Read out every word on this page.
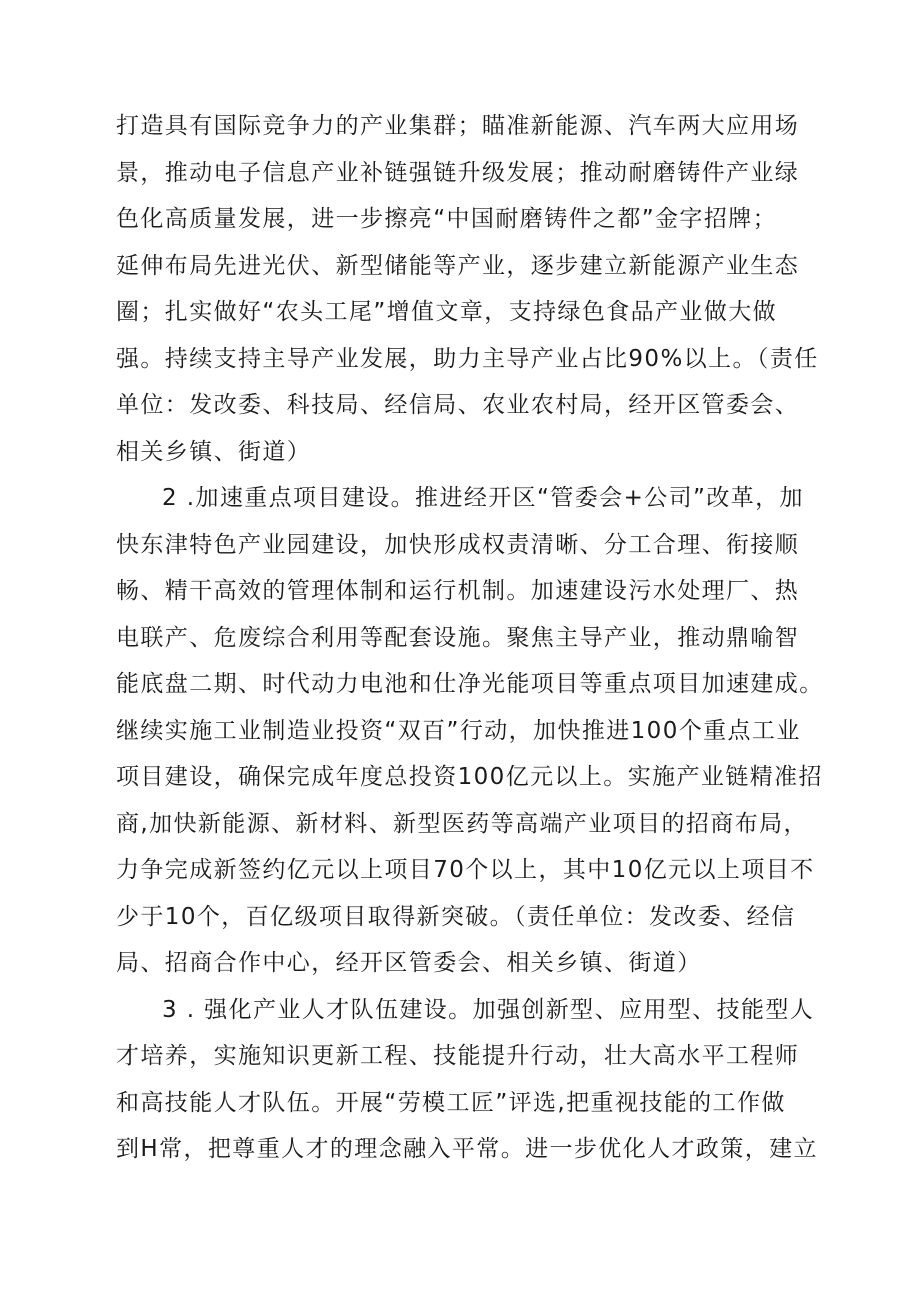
打造具有国际竞争力的产业集群；瞄准新能源、汽车两大应用场
景，推动电子信息产业补链强链升级发展；推动耐磨铸件产业绿
色化高质量发展，进一步擦亮“中国耐磨铸件之都”金字招牌；
延伸布局先进光伏、新型储能等产业，逐步建立新能源产业生态
圈；扎实做好“农头工尾”增值文章，支持绿色食品产业做大做
强。持续支持主导产业发展，助力主导产业占比90%以上。（责任
单位：发改委、科技局、经信局、农业农村局，经开区管委会、
相关乡镇、街道）
2 .加速重点项目建设。推进经开区“管委会+公司”改革，加
快东津特色产业园建设，加快形成权责清晰、分工合理、衔接顺
畅、精干高效的管理体制和运行机制。加速建设污水处理厂、热
电联产、危废综合利用等配套设施。聚焦主导产业，推动鼎喻智
能底盘二期、时代动力电池和仕净光能项目等重点项目加速建成。
继续实施工业制造业投资“双百”行动，加快推进100个重点工业
项目建设，确保完成年度总投资100亿元以上。实施产业链精准招
商,加快新能源、新材料、新型医药等高端产业项目的招商布局，
力争完成新签约亿元以上项目70个以上，其中10亿元以上项目不
少于10个，百亿级项目取得新突破。（责任单位：发改委、经信
局、招商合作中心，经开区管委会、相关乡镇、街道）
3 . 强化产业人才队伍建设。加强创新型、应用型、技能型人
才培养，实施知识更新工程、技能提升行动，壮大高水平工程师
和高技能人才队伍。开展“劳模工匠”评选,把重视技能的工作做
到H常，把尊重人才的理念融入平常。进一步优化人才政策，建立
